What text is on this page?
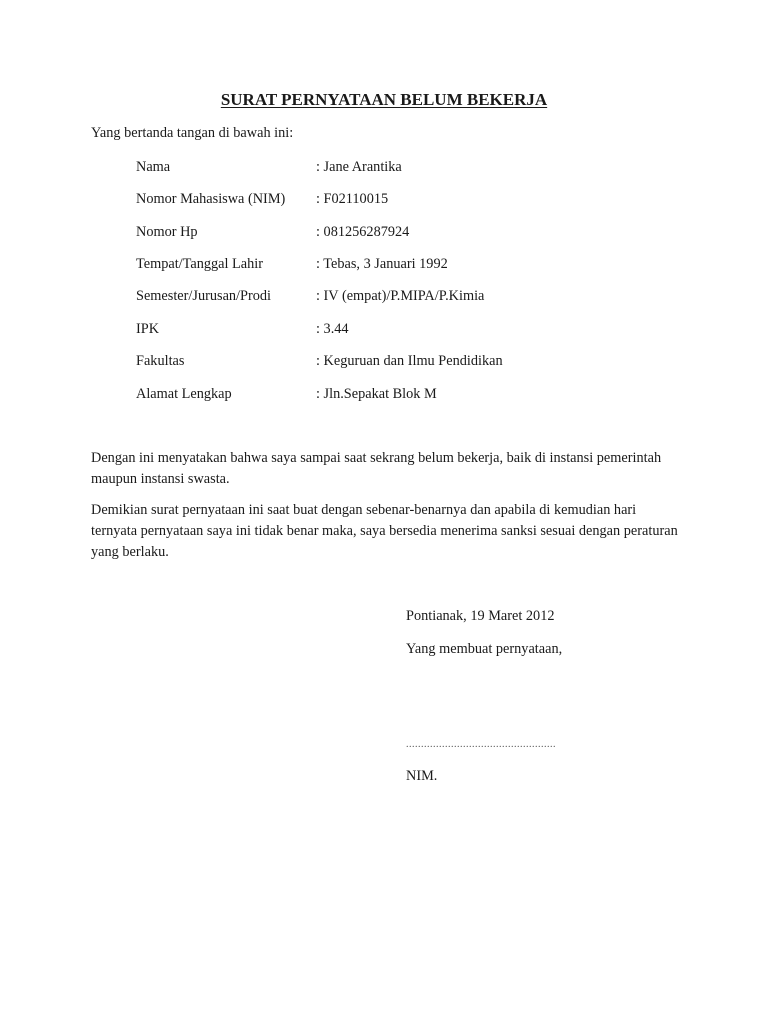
SURAT PERNYATAAN BELUM BEKERJA
Yang bertanda tangan di bawah ini:
Nama	: Jane Arantika
Nomor Mahasiswa (NIM) : F02110015
Nomor Hp	: 081256287924
Tempat/Tanggal Lahir	: Tebas, 3 Januari 1992
Semester/Jurusan/Prodi	: IV (empat)/P.MIPA/P.Kimia
IPK	: 3.44
Fakultas	: Keguruan dan Ilmu Pendidikan
Alamat Lengkap	: Jln.Sepakat Blok M
Dengan ini menyatakan bahwa saya sampai saat sekrang belum bekerja, baik di instansi pemerintah maupun instansi swasta.
Demikian surat pernyataan ini saat buat dengan sebenar-benarnya dan apabila di kemudian hari ternyata pernyataan saya ini tidak benar maka, saya bersedia menerima sanksi sesuai dengan peraturan yang berlaku.
Pontianak, 19 Maret 2012
Yang membuat pernyataan,
..................................................
NIM.
